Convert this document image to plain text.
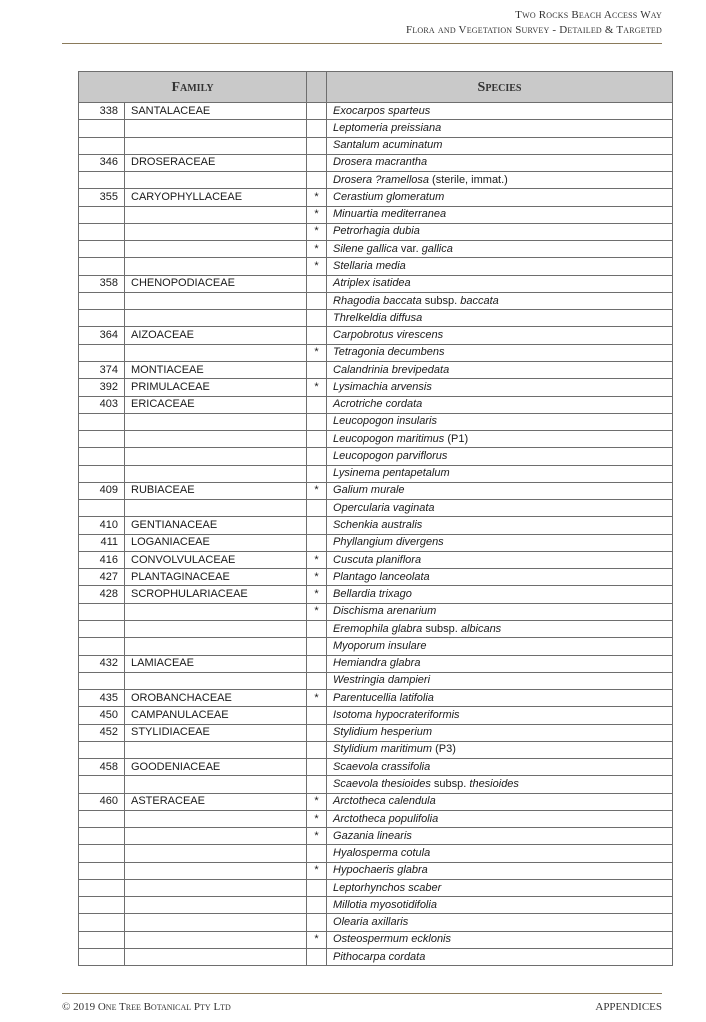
Two Rocks Beach Access Way
Flora and Vegetation Survey - Detailed & Targeted
Family			Species
338	SANTALACEAE		Exocarpos sparteus
			Leptomeria preissiana
			Santalum acuminatum
346	DROSERACEAE		Drosera macrantha
			Drosera ?ramellosa (sterile, immat.)
355	CARYOPHYLLACEAE	*	Cerastium glomeratum
		*	Minuartia mediterranea
		*	Petrorhagia dubia
		*	Silene gallica var. gallica
		*	Stellaria media
358	CHENOPODIACEAE		Atriplex isatidea
			Rhagodia baccata subsp. baccata
			Threlkeldia diffusa
364	AIZOACEAE		Carpobrotus virescens
		*	Tetragonia decumbens
374	MONTIACEAE		Calandrinia brevipedata
392	PRIMULACEAE	*	Lysimachia arvensis
403	ERICACEAE		Acrotriche cordata
			Leucopogon insularis
			Leucopogon maritimus (P1)
			Leucopogon parviflorus
			Lysinema pentapetalum
409	RUBIACEAE	*	Galium murale
			Opercularia vaginata
410	GENTIANACEAE		Schenkia australis
411	LOGANIACEAE		Phyllangium divergens
416	CONVOLVULACEAE	*	Cuscuta planiflora
427	PLANTAGINACEAE	*	Plantago lanceolata
428	SCROPHULARIACEAE	*	Bellardia trixago
		*	Dischisma arenarium
			Eremophila glabra subsp. albicans
			Myoporum insulare
432	LAMIACEAE		Hemiandra glabra
			Westringia dampieri
435	OROBANCHACEAE	*	Parentucellia latifolia
450	CAMPANULACEAE		Isotoma hypocrateriformis
452	STYLIDIACEAE		Stylidium hesperium
			Stylidium maritimum (P3)
458	GOODENIACEAE		Scaevola crassifolia
			Scaevola thesioides subsp. thesioides
460	ASTERACEAE	*	Arctotheca calendula
		*	Arctotheca populifolia
		*	Gazania linearis
			Hyalosperma cotula
		*	Hypochaeris glabra
			Leptorhynchos scaber
			Millotia myosotidifolia
			Olearia axillaris
		*	Osteospermum ecklonis
			Pithocarpa cordata
© 2019 One Tree Botanical Pty Ltd	APPENDICES
